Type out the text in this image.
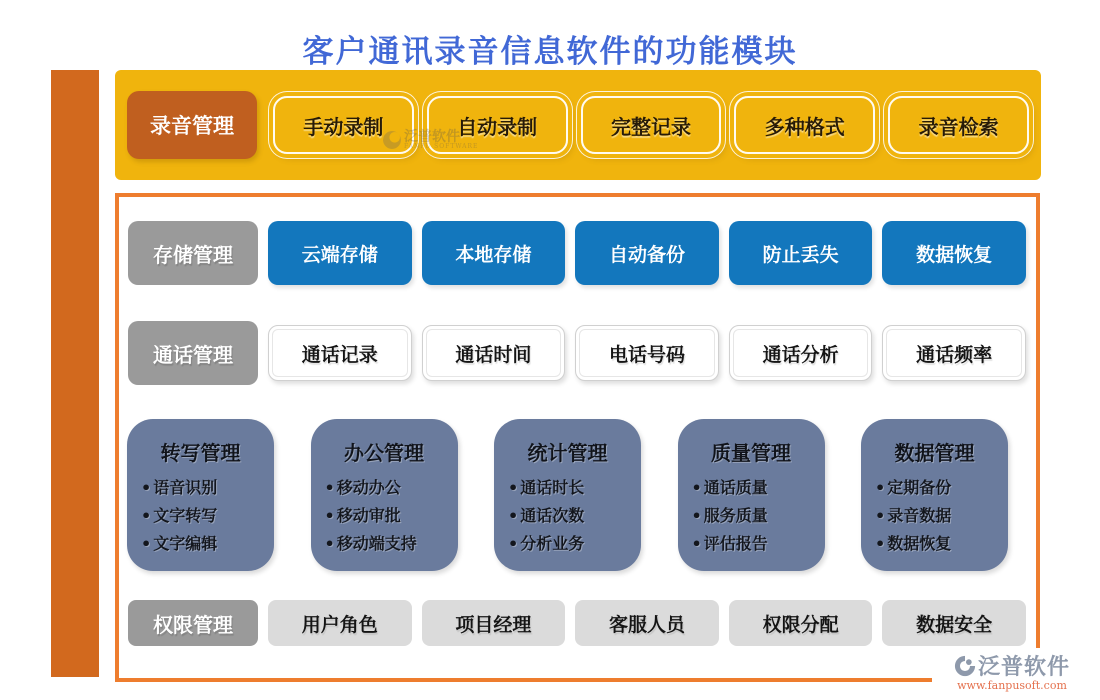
客户通讯录音信息软件的功能模块
录音管理	手动录制	自动录制	完整记录	多种格式	录音检索
泛普软件
FANPU SOFTWARE
存储管理	云端存储	本地存储	自动备份	防止丢失	数据恢复
通话管理	通话记录	通话时间	电话号码	通话分析	通话频率
转写管理
• 语音识别
• 文字转写
• 文字编辑
办公管理
• 移动办公
• 移动审批
• 移动端支持
统计管理
• 通话时长
• 通话次数
• 分析业务
质量管理
• 通话质量
• 服务质量
• 评估报告
数据管理
• 定期备份
• 录音数据
• 数据恢复
权限管理	用户角色	项目经理	客服人员	权限分配	数据安全
泛普软件
www.fanpusoft.com
